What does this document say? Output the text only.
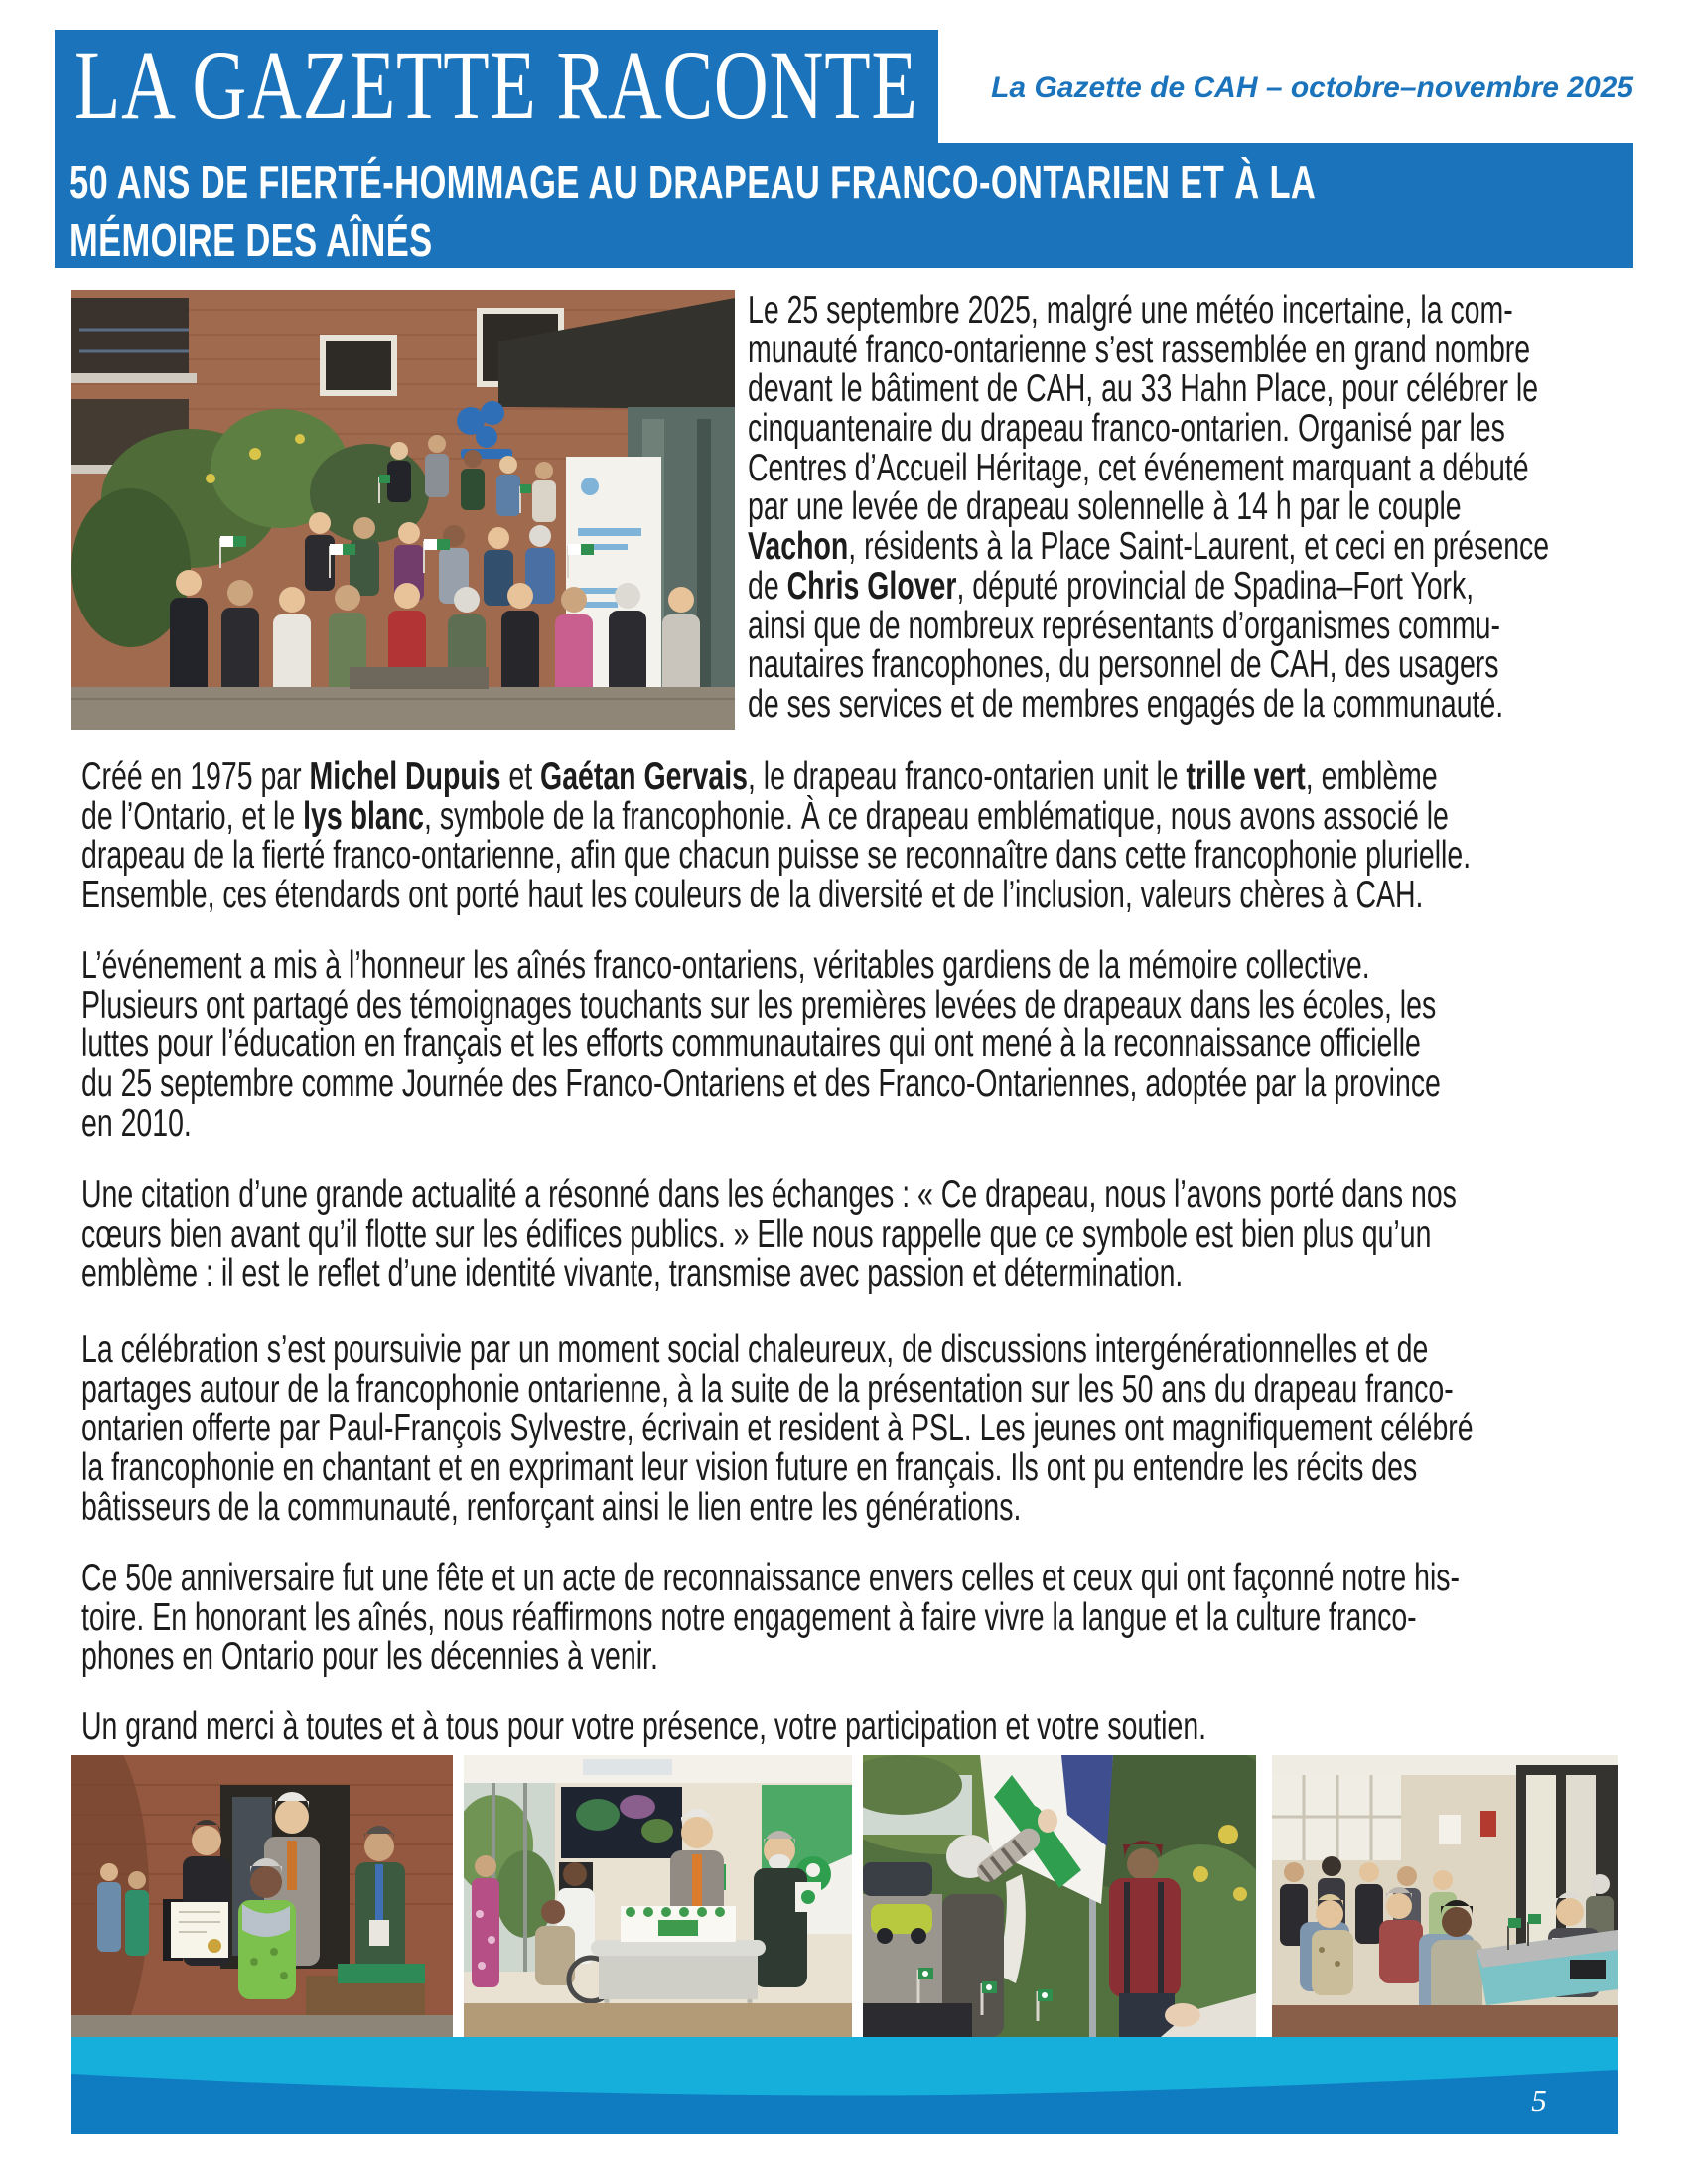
LA GAZETTE RACONTE	La Gazette de CAH – octobre–novembre 2025
50 ANS DE FIERTÉ-HOMMAGE AU DRAPEAU FRANCO-ONTARIEN ET À LA
MÉMOIRE DES AÎNÉS
Le 25 septembre 2025, malgré une météo incertaine, la com-
munauté franco-ontarienne s’est rassemblée en grand nombre
devant le bâtiment de CAH, au 33 Hahn Place, pour célébrer le
cinquantenaire du drapeau franco-ontarien. Organisé par les
Centres d’Accueil Héritage, cet événement marquant a débuté
par une levée de drapeau solennelle à 14 h par le couple
Vachon, résidents à la Place Saint-Laurent, et ceci en présence
de Chris Glover, député provincial de Spadina–Fort York,
ainsi que de nombreux représentants d’organismes commu-
nautaires francophones, du personnel de CAH, des usagers
de ses services et de membres engagés de la communauté.
Créé en 1975 par Michel Dupuis et Gaétan Gervais, le drapeau franco-ontarien unit le trille vert, emblème
de l’Ontario, et le lys blanc, symbole de la francophonie. À ce drapeau emblématique, nous avons associé le
drapeau de la fierté franco-ontarienne, afin que chacun puisse se reconnaître dans cette francophonie plurielle.
Ensemble, ces étendards ont porté haut les couleurs de la diversité et de l’inclusion, valeurs chères à CAH.
L’événement a mis à l’honneur les aînés franco-ontariens, véritables gardiens de la mémoire collective.
Plusieurs ont partagé des témoignages touchants sur les premières levées de drapeaux dans les écoles, les
luttes pour l’éducation en français et les efforts communautaires qui ont mené à la reconnaissance officielle
du 25 septembre comme Journée des Franco-Ontariens et des Franco-Ontariennes, adoptée par la province
en 2010.
Une citation d’une grande actualité a résonné dans les échanges : « Ce drapeau, nous l’avons porté dans nos
cœurs bien avant qu’il flotte sur les édifices publics. » Elle nous rappelle que ce symbole est bien plus qu’un
emblème : il est le reflet d’une identité vivante, transmise avec passion et détermination.
La célébration s’est poursuivie par un moment social chaleureux, de discussions intergénérationnelles et de
partages autour de la francophonie ontarienne, à la suite de la présentation sur les 50 ans du drapeau franco-
ontarien offerte par Paul-François Sylvestre, écrivain et resident à PSL. Les jeunes ont magnifiquement célébré
la francophonie en chantant et en exprimant leur vision future en français. Ils ont pu entendre les récits des
bâtisseurs de la communauté, renforçant ainsi le lien entre les générations.
Ce 50e anniversaire fut une fête et un acte de reconnaissance envers celles et ceux qui ont façonné notre his-
toire. En honorant les aînés, nous réaffirmons notre engagement à faire vivre la langue et la culture franco-
phones en Ontario pour les décennies à venir.
Un grand merci à toutes et à tous pour votre présence, votre participation et votre soutien.
5
